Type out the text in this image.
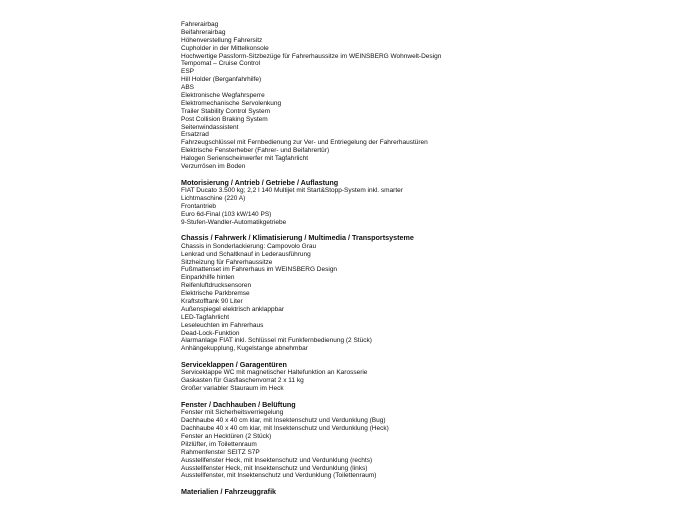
Fahrerairbag

Beifahrerairbag

Höhenverstellung Fahrersitz

Cupholder in der Mittelkonsole

Hochwertige Passform-Sitzbezüge für Fahrerhaussitze im WEINSBERG Wohnwelt-Design

Tempomat – Cruise Control

ESP

Hill Holder (Berganfahrhilfe)

ABS

Elektronische Wegfahrsperre

Elektromechanische Servolenkung

Trailer Stability Control System

Post Collision Braking System

Seitenwindassistent

Ersatzrad

Fahrzeugschlüssel mit Fernbedienung zur Ver- und Entriegelung der Fahrerhaustüren

Elektrische Fensterheber (Fahrer- und Beifahrertür)

Halogen Serienscheinwerfer mit Tagfahrlicht

Verzurrösen im Boden

Motorisierung / Antrieb / Getriebe / Auflastung

FIAT Ducato 3.500 kg; 2,2 l 140 Multijet mit Start&Stopp-System inkl. smarter

Lichtmaschine (220 A)

Frontantrieb

Euro 6d-Final (103 kW/140 PS)

9-Stufen-Wandler-Automatikgetriebe

Chassis / Fahrwerk / Klimatisierung / Multimedia / Transportsysteme

Chassis in Sonderlackierung: Campovolo Grau

Lenkrad und Schaltknauf in Lederausführung

Sitzheizung für Fahrerhaussitze

Fußmattenset im Fahrerhaus im WEINSBERG Design

Einparkhilfe hinten

Reifenluftdrucksensoren

Elektrische Parkbremse

Kraftstofftank 90 Liter

Außenspiegel elektrisch anklappbar

LED-Tagfahrlicht

Leseleuchten im Fahrerhaus

Dead-Lock-Funktion

Alarmanlage FIAT inkl. Schlüssel mit Funkfernbedienung (2 Stück)

Anhängekupplung, Kugelstange abnehmbar

Serviceklappen / Garagentüren

Serviceklappe WC mit magnetischer Haltefunktion an Karosserie

Gaskasten für Gasflaschenvorrat 2 x 11 kg

Großer variabler Stauraum im Heck

Fenster / Dachhauben / Belüftung

Fenster mit Sicherheitsverriegelung

Dachhaube 40 x 40 cm klar, mit Insektenschutz und Verdunklung (Bug)

Dachhaube 40 x 40 cm klar, mit Insektenschutz und Verdunklung (Heck)

Fenster an Hecktüren (2 Stück)

Pilzlüfter, im Toilettenraum

Rahmenfenster SEITZ S7P

Ausstellfenster Heck, mit Insektenschutz und Verdunklung (rechts)

Ausstellfenster Heck, mit Insektenschutz und Verdunklung (links)

Ausstellfenster, mit Insektenschutz und Verdunklung (Toilettenraum)

Materialien / Fahrzeuggrafik
